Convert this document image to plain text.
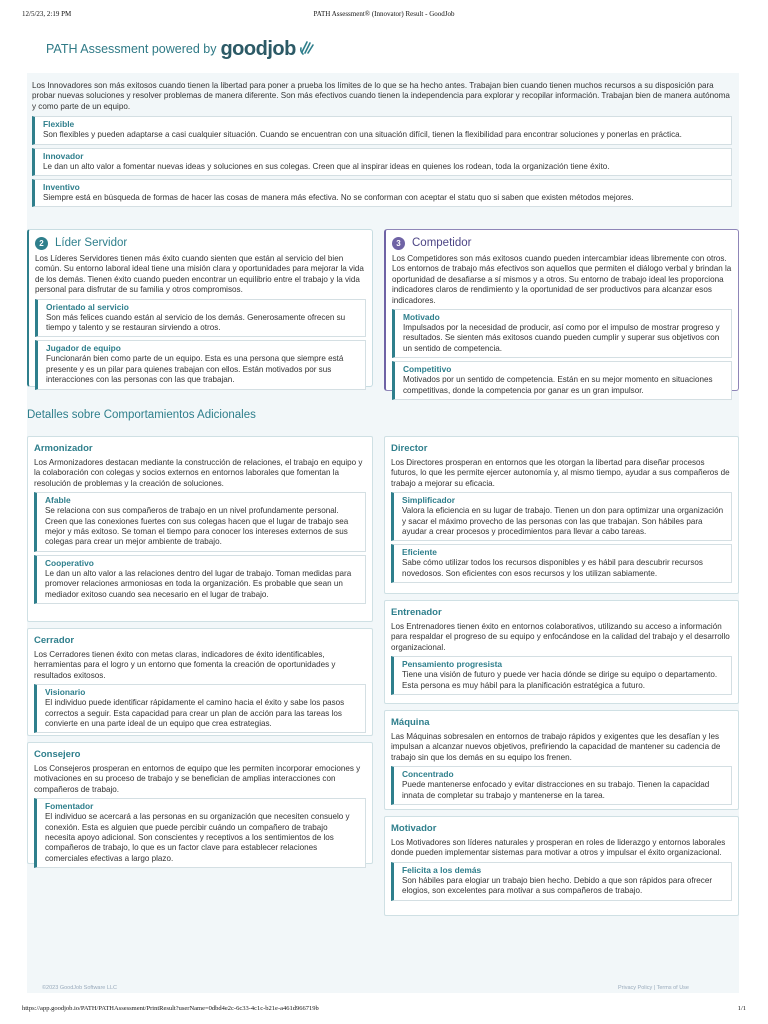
12/5/23, 2:19 PM	PATH Assessment® (Innovator) Result - GoodJob
PATH Assessment powered by goodjob
Los Innovadores son más exitosos cuando tienen la libertad para poner a prueba los límites de lo que se ha hecho antes. Trabajan bien cuando tienen muchos recursos a su disposición para probar nuevas soluciones y resolver problemas de manera diferente. Son más efectivos cuando tienen la independencia para explorar y recopilar información. Trabajan bien de manera autónoma y como parte de un equipo.
Flexible
Son flexibles y pueden adaptarse a casi cualquier situación. Cuando se encuentran con una situación difícil, tienen la flexibilidad para encontrar soluciones y ponerlas en práctica.
Innovador
Le dan un alto valor a fomentar nuevas ideas y soluciones en sus colegas. Creen que al inspirar ideas en quienes los rodean, toda la organización tiene éxito.
Inventivo
Siempre está en búsqueda de formas de hacer las cosas de manera más efectiva. No se conforman con aceptar el statu quo si saben que existen métodos mejores.
2 Líder Servidor
Los Líderes Servidores tienen más éxito cuando sienten que están al servicio del bien común. Su entorno laboral ideal tiene una misión clara y oportunidades para mejorar la vida de los demás. Tienen éxito cuando pueden encontrar un equilibrio entre el trabajo y la vida personal para disfrutar de su familia y otros compromisos.
Orientado al servicio
Son más felices cuando están al servicio de los demás. Generosamente ofrecen su tiempo y talento y se restauran sirviendo a otros.
Jugador de equipo
Funcionarán bien como parte de un equipo. Esta es una persona que siempre está presente y es un pilar para quienes trabajan con ellos. Están motivados por sus interacciones con las personas con las que trabajan.
3 Competidor
Los Competidores son más exitosos cuando pueden intercambiar ideas libremente con otros. Los entornos de trabajo más efectivos son aquellos que permiten el diálogo verbal y brindan la oportunidad de desafiarse a sí mismos y a otros. Su entorno de trabajo ideal les proporciona indicadores claros de rendimiento y la oportunidad de ser productivos para alcanzar esos indicadores.
Motivado
Impulsados por la necesidad de producir, así como por el impulso de mostrar progreso y resultados. Se sienten más exitosos cuando pueden cumplir y superar sus objetivos con un sentido de competencia.
Competitivo
Motivados por un sentido de competencia. Están en su mejor momento en situaciones competitivas, donde la competencia por ganar es un gran impulsor.
Detalles sobre Comportamientos Adicionales
Armonizador
Los Armonizadores destacan mediante la construcción de relaciones, el trabajo en equipo y la colaboración con colegas y socios externos en entornos laborales que fomentan la resolución de problemas y la creación de soluciones.
Afable
Se relaciona con sus compañeros de trabajo en un nivel profundamente personal. Creen que las conexiones fuertes con sus colegas hacen que el lugar de trabajo sea mejor y más exitoso. Se toman el tiempo para conocer los intereses externos de sus colegas para crear un mejor ambiente de trabajo.
Cooperativo
Le dan un alto valor a las relaciones dentro del lugar de trabajo. Toman medidas para promover relaciones armoniosas en toda la organización. Es probable que sean un mediador exitoso cuando sea necesario en el lugar de trabajo.
Cerrador
Los Cerradores tienen éxito con metas claras, indicadores de éxito identificables, herramientas para el logro y un entorno que fomenta la creación de oportunidades y resultados exitosos.
Visionario
El individuo puede identificar rápidamente el camino hacia el éxito y sabe los pasos correctos a seguir. Esta capacidad para crear un plan de acción para las tareas los convierte en una parte ideal de un equipo que crea estrategias.
Consejero
Los Consejeros prosperan en entornos de equipo que les permiten incorporar emociones y motivaciones en su proceso de trabajo y se benefician de amplias interacciones con compañeros de trabajo.
Fomentador
El individuo se acercará a las personas en su organización que necesiten consuelo y conexión. Esta es alguien que puede percibir cuándo un compañero de trabajo necesita apoyo adicional. Son conscientes y receptivos a los sentimientos de los compañeros de trabajo, lo que es un factor clave para establecer relaciones comerciales efectivas a largo plazo.
Director
Los Directores prosperan en entornos que les otorgan la libertad para diseñar procesos futuros, lo que les permite ejercer autonomía y, al mismo tiempo, ayudar a sus compañeros de trabajo a mejorar su eficacia.
Simplificador
Valora la eficiencia en su lugar de trabajo. Tienen un don para optimizar una organización y sacar el máximo provecho de las personas con las que trabajan. Son hábiles para ayudar a crear procesos y procedimientos para llevar a cabo tareas.
Eficiente
Sabe cómo utilizar todos los recursos disponibles y es hábil para descubrir recursos novedosos. Son eficientes con esos recursos y los utilizan sabiamente.
Entrenador
Los Entrenadores tienen éxito en entornos colaborativos, utilizando su acceso a información para respaldar el progreso de su equipo y enfocándose en la calidad del trabajo y el desarrollo organizacional.
Pensamiento progresista
Tiene una visión de futuro y puede ver hacia dónde se dirige su equipo o departamento. Esta persona es muy hábil para la planificación estratégica a futuro.
Máquina
Las Máquinas sobresalen en entornos de trabajo rápidos y exigentes que les desafían y les impulsan a alcanzar nuevos objetivos, prefiriendo la capacidad de mantener su cadencia de trabajo sin que los demás en su equipo los frenen.
Concentrado
Puede mantenerse enfocado y evitar distracciones en su trabajo. Tienen la capacidad innata de completar su trabajo y mantenerse en la tarea.
Motivador
Los Motivadores son líderes naturales y prosperan en roles de liderazgo y entornos laborales donde pueden implementar sistemas para motivar a otros y impulsar el éxito organizacional.
Felicita a los demás
Son hábiles para elogiar un trabajo bien hecho. Debido a que son rápidos para ofrecer elogios, son excelentes para motivar a sus compañeros de trabajo.
©2023 GoodJob Software LLC	Privacy Policy | Terms of Use
https://app.goodjob.io/PATH/PATHAssessment/PrintResult?userName=0dbd4e2c-6c33-4c1c-b21e-a461d966719b	1/1
